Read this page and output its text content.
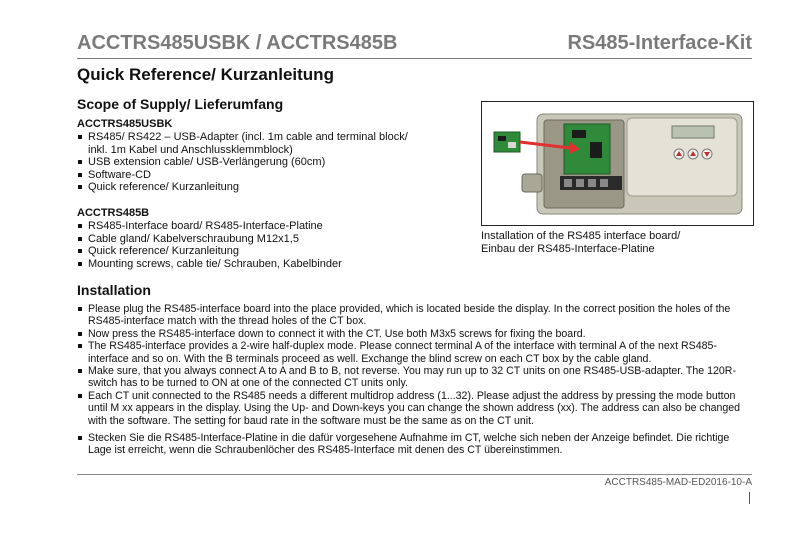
ACCTRS485USBK / ACCTRS485B	RS485-Interface-Kit
Quick Reference/ Kurzanleitung
Scope of Supply/ Lieferumfang
ACCTRS485USBK
RS485/ RS422 – USB-Adapter (incl. 1m cable and terminal block/ inkl. 1m Kabel und Anschlussklemmblock)
USB extension cable/ USB-Verlängerung (60cm)
Software-CD
Quick reference/ Kurzanleitung
ACCTRS485B
RS485-Interface board/ RS485-Interface-Platine
Cable gland/ Kabelverschraubung M12x1,5
Quick reference/ Kurzanleitung
Mounting screws, cable tie/ Schrauben, Kabelbinder
Installation of the RS485 interface board/
Einbau der RS485-Interface-Platine
Installation
Please plug the RS485-interface board into the place provided, which is located beside the display. In the correct position the holes of the RS485-interface match with the thread holes of the CT box.
Now press the RS485-interface down to connect it with the CT. Use both M3x5 screws for fixing the board.
The RS485-interface provides a 2-wire half-duplex mode. Please connect terminal A of the interface with terminal A of the next RS485-interface and so on. With the B terminals proceed as well. Exchange the blind screw on each CT box by the cable gland.
Make sure, that you always connect A to A and B to B, not reverse. You may run up to 32 CT units on one RS485-USB-adapter. The 120R-switch has to be turned to ON at one of the connected CT units only.
Each CT unit connected to the RS485 needs a different multidrop address (1...32). Please adjust the address by pressing the mode button until M xx appears in the display. Using the Up- and Down-keys you can change the shown address (xx). The address can also be changed with the software. The setting for baud rate in the software must be the same as on the CT unit.
Stecken Sie die RS485-Interface-Platine in die dafür vorgesehene Aufnahme im CT, welche sich neben der Anzeige befindet. Die richtige Lage ist erreicht, wenn die Schraubenlöcher des RS485-Interface mit denen des CT übereinstimmen.
ACCTRS485-MAD-ED2016-10-A
